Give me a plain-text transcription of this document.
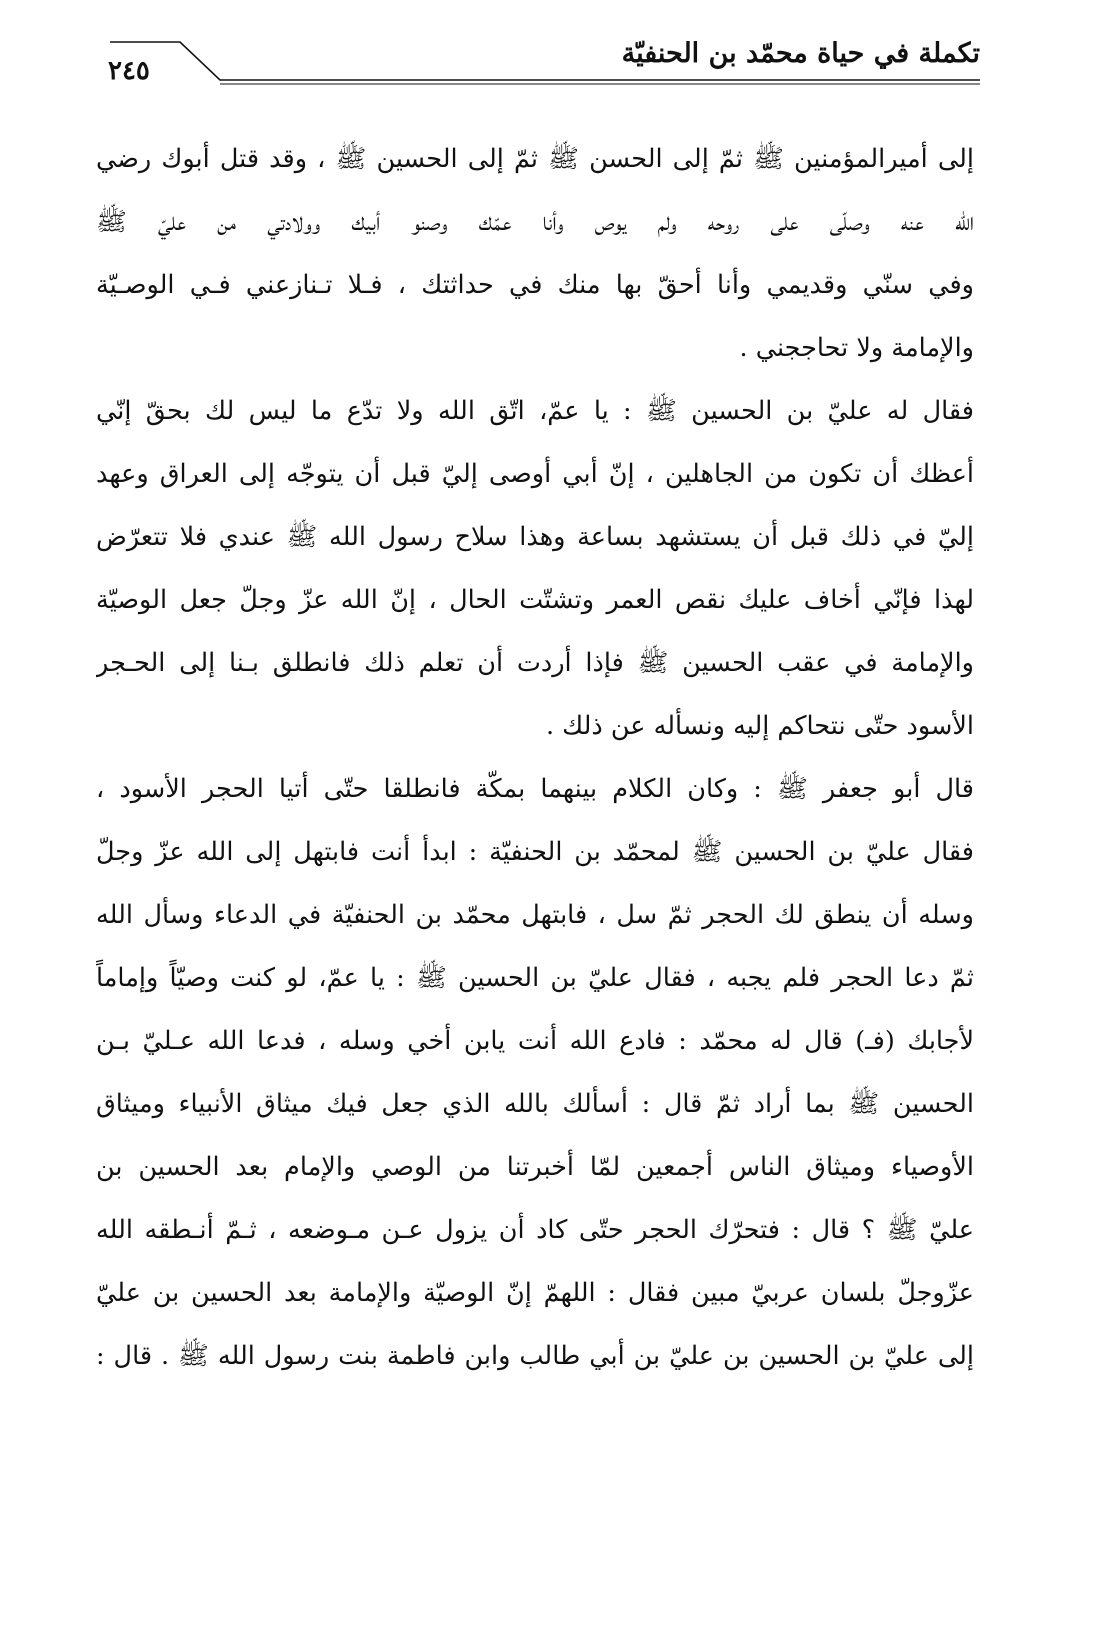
تكملة في حياة محمّد بن الحنفيّة
٢٤٥
إلى أميرالمؤمنين ﷺ ثمّ إلى الحسن ﷺ ثمّ إلى الحسين ﷺ ، وقد قتل أبوك رضي
الله عنه وصلّى على روحه ولم يوص وأنا عمّك وصنو أبيك وولادتي من عليّ ﷺ
وفي سنّي وقديمي وأنا أحقّ بها منك في حداثتك ، فـلا تـنازعني فـي الوصـيّة
والإمامة ولا تحاججني .
فقال له عليّ بن الحسين ﷺ : يا عمّ، اتّق الله ولا تدّع ما ليس لك بحقّ إنّي
أعظك أن تكون من الجاهلين ، إنّ أبي أوصى إليّ قبل أن يتوجّه إلى العراق وعهد
إليّ في ذلك قبل أن يستشهد بساعة وهذا سلاح رسول الله ﷺ عندي فلا تتعرّض
لهذا فإنّي أخاف عليك نقص العمر وتشتّت الحال ، إنّ الله عزّ وجلّ جعل الوصيّة
والإمامة في عقب الحسين ﷺ فإذا أردت أن تعلم ذلك فانطلق بـنا إلى الحـجر
الأسود حتّى نتحاكم إليه ونسأله عن ذلك .
قال أبو جعفر ﷺ : وكان الكلام بينهما بمكّة فانطلقا حتّى أتيا الحجر الأسود ،
فقال عليّ بن الحسين ﷺ لمحمّد بن الحنفيّة : ابدأ أنت فابتهل إلى الله عزّ وجلّ
وسله أن ينطق لك الحجر ثمّ سل ، فابتهل محمّد بن الحنفيّة في الدعاء وسأل الله
ثمّ دعا الحجر فلم يجبه ، فقال عليّ بن الحسين ﷺ : يا عمّ، لو كنت وصيّاً وإماماً
لأجابك (فـ) قال له محمّد : فادع الله أنت يابن أخي وسله ، فدعا الله عـليّ بـن
الحسين ﷺ بما أراد ثمّ قال : أسألك بالله الذي جعل فيك ميثاق الأنبياء وميثاق
الأوصياء وميثاق الناس أجمعين لمّا أخبرتنا من الوصي والإمام بعد الحسين بن
عليّ ﷺ ؟ قال : فتحرّك الحجر حتّى كاد أن يزول عـن مـوضعه ، ثـمّ أنـطقه الله
عزّوجلّ بلسان عربيّ مبين فقال : اللهمّ إنّ الوصيّة والإمامة بعد الحسين بن عليّ
إلى عليّ بن الحسين بن عليّ بن أبي طالب وابن فاطمة بنت رسول الله ﷺ . قال :
